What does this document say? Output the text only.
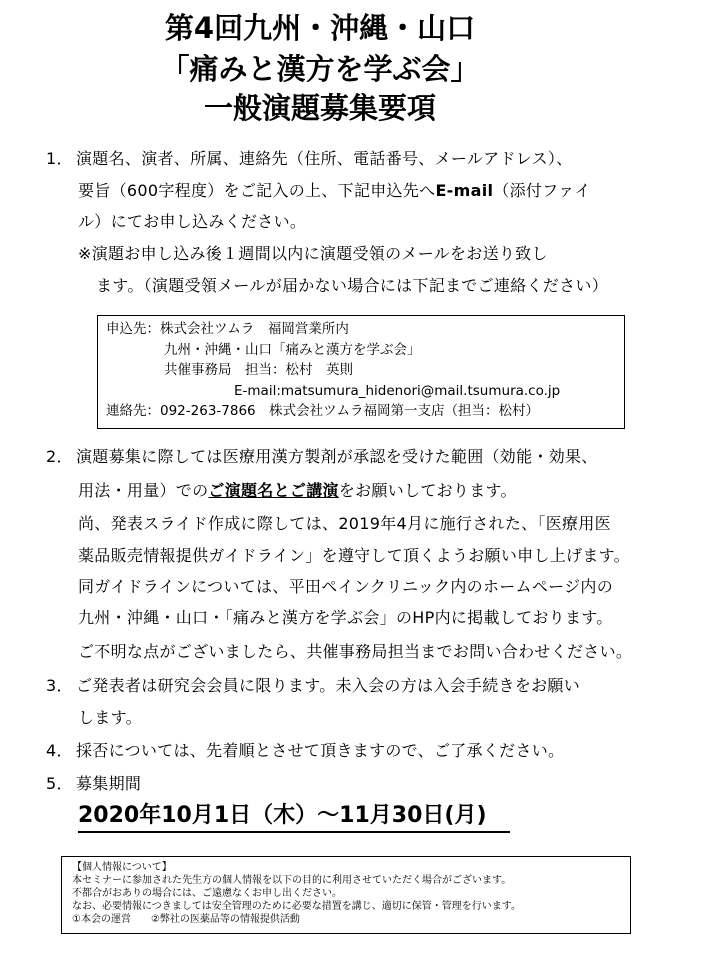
第4回九州・沖縄・山口
「痛みと漢方を学ぶ会」
一般演題募集要項
1． 演題名、演者、所属、連絡先（住所、電話番号、メールアドレス）、
要旨（600字程度）をご記入の上、下記申込先へE-mail（添付ファイ
ル）にてお申し込みください。
※演題お申し込み後１週間以内に演題受領のメールをお送り致し
ます。（演題受領メールが届かない場合には下記までご連絡ください）
申込先：株式会社ツムラ　福岡営業所内
九州・沖縄・山口「痛みと漢方を学ぶ会」
共催事務局　担当：松村　英則
E-mail:matsumura_hidenori@mail.tsumura.co.jp
連絡先：092-263-7866　株式会社ツムラ福岡第一支店（担当：松村）
2． 演題募集に際しては医療用漢方製剤が承認を受けた範囲（効能・効果、
用法・用量）でのご演題名とご講演をお願いしております。
尚、発表スライド作成に際しては、2019年4月に施行された、「医療用医
薬品販売情報提供ガイドライン」を遵守して頂くようお願い申し上げます。
同ガイドラインについては、平田ペインクリニック内のホームページ内の
九州・沖縄・山口・「痛みと漢方を学ぶ会」のHP内に掲載しております。
ご不明な点がございましたら、共催事務局担当までお問い合わせください。
3． ご発表者は研究会会員に限ります。未入会の方は入会手続きをお願い
します。
4． 採否については、先着順とさせて頂きますので、ご了承ください。
5． 募集期間
2020年10月1日（木）～11月30日(月)
【個人情報について】
本セミナーに参加された先生方の個人情報を以下の目的に利用させていただく場合がございます。
不都合がおありの場合には、ご遠慮なくお申し出ください。
なお、必要情報につきましては安全管理のために必要な措置を講じ、適切に保管・管理を行います。
①本会の運営　　②弊社の医薬品等の情報提供活動
